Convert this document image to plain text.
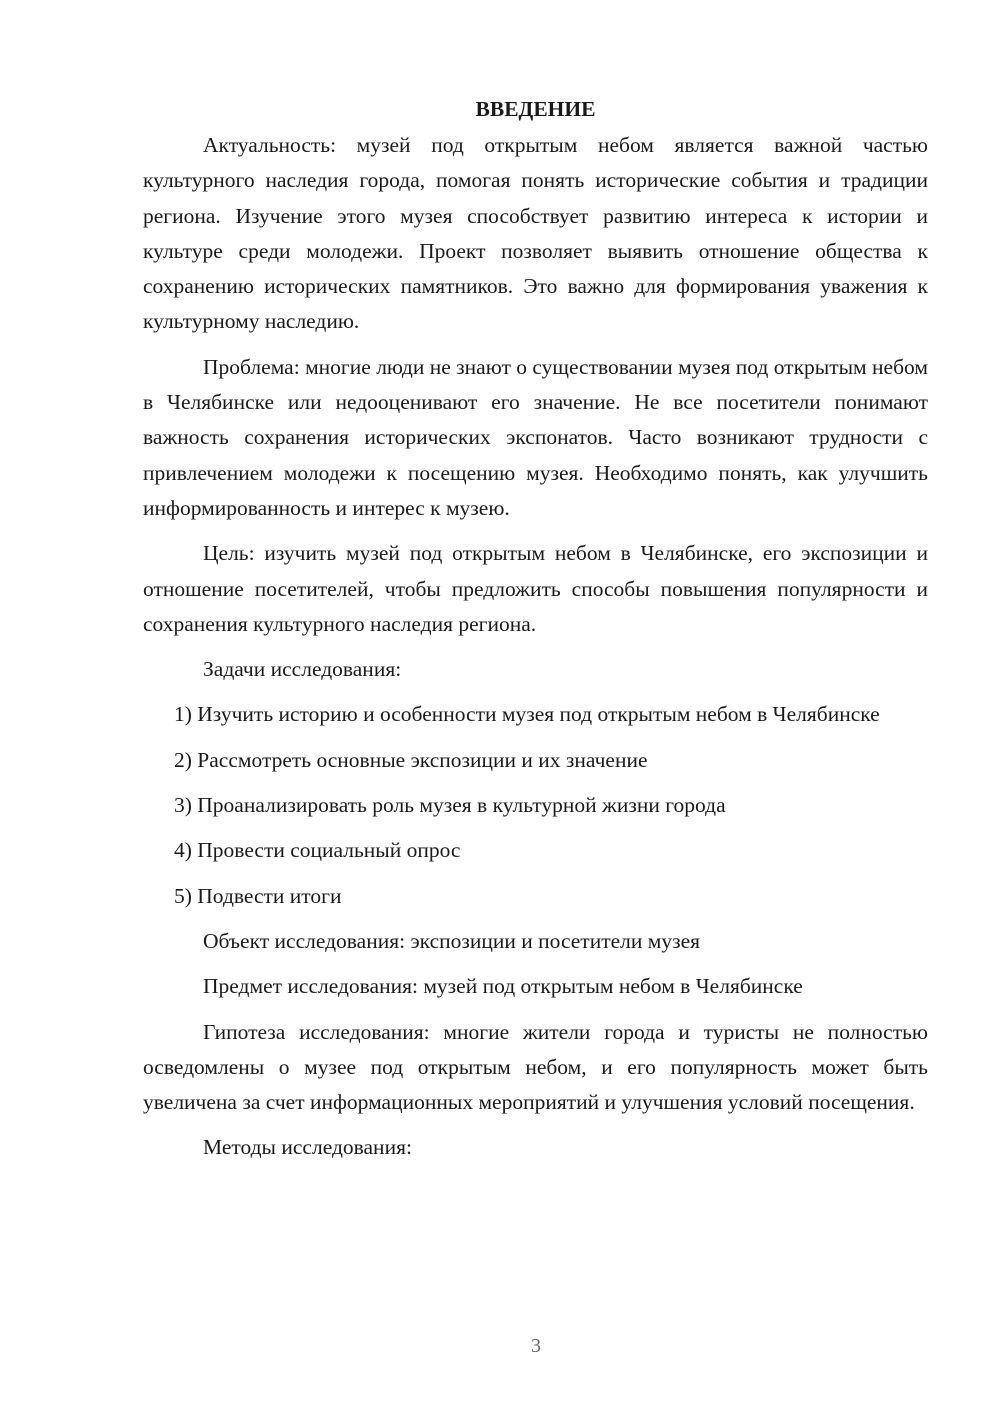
ВВЕДЕНИЕ

Актуальность: музей под открытым небом является важной частью культурного наследия города, помогая понять исторические события и традиции региона. Изучение этого музея способствует развитию интереса к истории и культуре среди молодежи. Проект позволяет выявить отношение общества к сохранению исторических памятников. Это важно для формирования уважения к культурному наследию.

Проблема: многие люди не знают о существовании музея под открытым небом в Челябинске или недооценивают его значение. Не все посетители понимают важность сохранения исторических экспонатов. Часто возникают трудности с привлечением молодежи к посещению музея. Необходимо понять, как улучшить информированность и интерес к музею.

Цель: изучить музей под открытым небом в Челябинске, его экспозиции и отношение посетителей, чтобы предложить способы повышения популярности и сохранения культурного наследия региона.

Задачи исследования:

1) Изучить историю и особенности музея под открытым небом в Челябинске

2) Рассмотреть основные экспозиции и их значение

3) Проанализировать роль музея в культурной жизни города

4) Провести социальный опрос

5) Подвести итоги

Объект исследования: экспозиции и посетители музея

Предмет исследования: музей под открытым небом в Челябинске

Гипотеза исследования: многие жители города и туристы не полностью осведомлены о музее под открытым небом, и его популярность может быть увеличена за счет информационных мероприятий и улучшения условий посещения.

Методы исследования:

3
